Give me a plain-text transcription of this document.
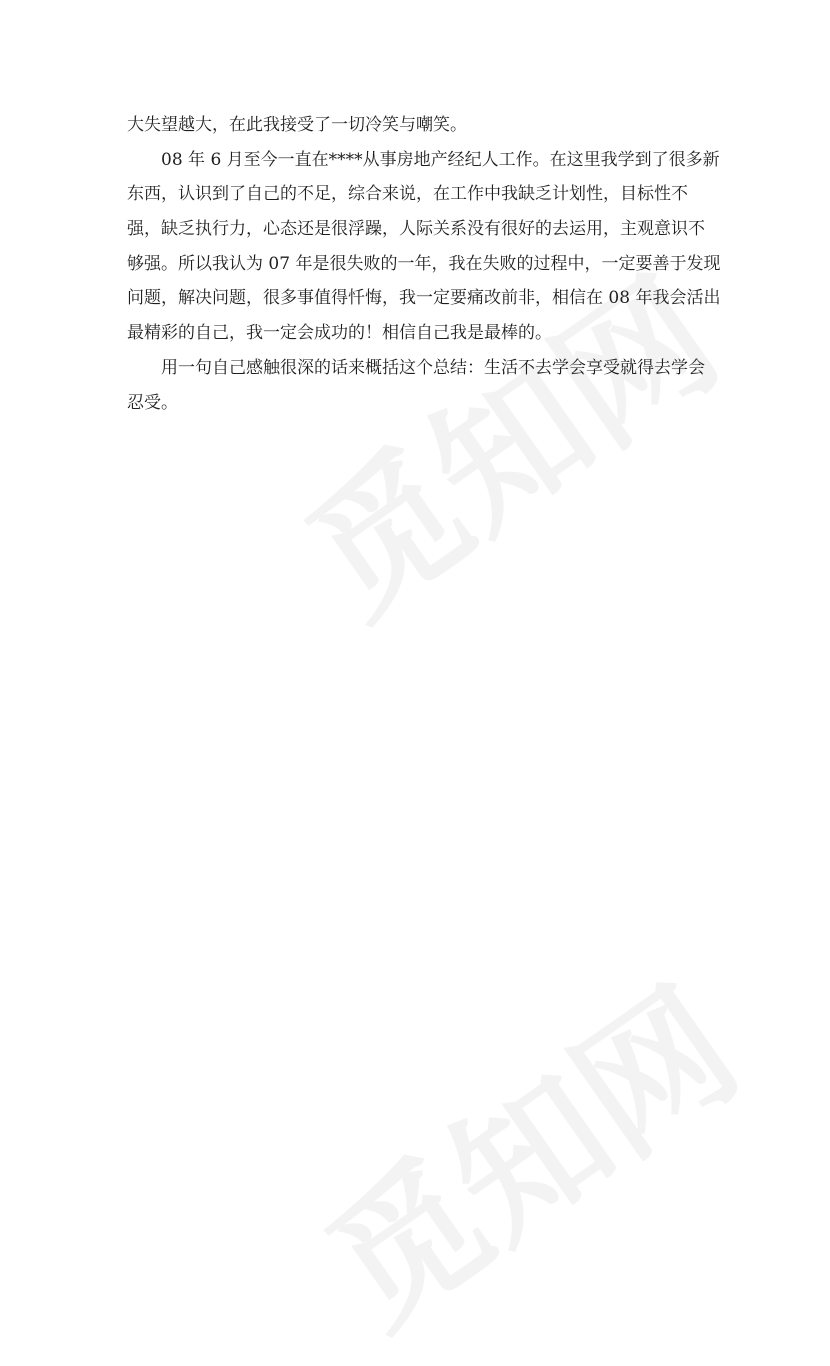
大失望越大，在此我接受了一切冷笑与嘲笑。
08 年 6 月至今一直在****从事房地产经纪人工作。在这里我学到了很多新
东西，认识到了自己的不足，综合来说，在工作中我缺乏计划性，目标性不
强，缺乏执行力，心态还是很浮躁，人际关系没有很好的去运用，主观意识不
够强。所以我认为 07 年是很失败的一年，我在失败的过程中，一定要善于发现
问题，解决问题，很多事值得忏悔，我一定要痛改前非，相信在 08 年我会活出
最精彩的自己，我一定会成功的！相信自己我是最棒的。
用一句自己感触很深的话来概括这个总结：生活不去学会享受就得去学会
忍受。
